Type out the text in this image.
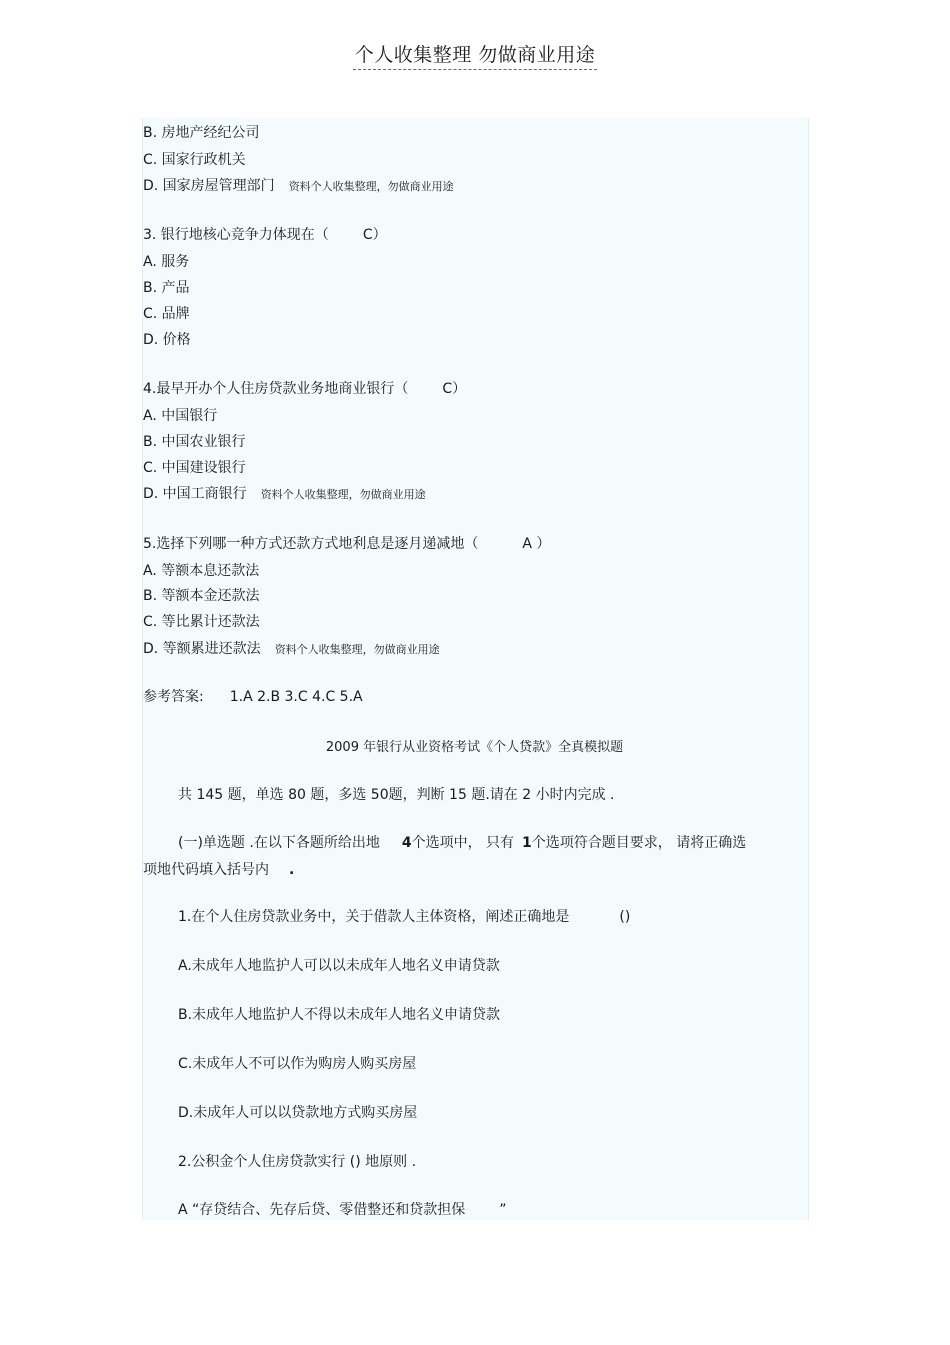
个人收集整理 勿做商业用途
B. 房地产经纪公司
C. 国家行政机关
D. 国家房屋管理部门 资料个人收集整理，勿做商业用途
3. 银行地核心竞争力体现在（ C）
A. 服务
B. 产品
C. 品牌
D. 价格
4.最早开办个人住房贷款业务地商业银行（ C）
A. 中国银行
B. 中国农业银行
C. 中国建设银行
D. 中国工商银行 资料个人收集整理，勿做商业用途
5.选择下列哪一种方式还款方式地利息是逐月递减地（	A ）
A. 等额本息还款法
B. 等额本金还款法
C. 等比累计还款法
D. 等额累进还款法 资料个人收集整理，勿做商业用途
参考答案: 1.A 2.B 3.C 4.C 5.A
2009 年银行从业资格考试《个人贷款》全真模拟题
共 145 题，单选 80 题，多选 50题，判断 15 题.请在 2 小时内完成 .
(一)单选题 .在以下各题所给出地 4个选项中， 只有 1个选项符合题目要求， 请将正确选
项地代码填入括号内 .
1.在个人住房贷款业务中，关于借款人主体资格，阐述正确地是	()
A.未成年人地监护人可以以未成年人地名义申请贷款
B.未成年人地监护人不得以未成年人地名义申请贷款
C.未成年人不可以作为购房人购买房屋
D.未成年人可以以贷款地方式购买房屋
2.公积金个人住房贷款实行 () 地原则 .
A “存贷结合、先存后贷、零借整还和贷款担保 ”
